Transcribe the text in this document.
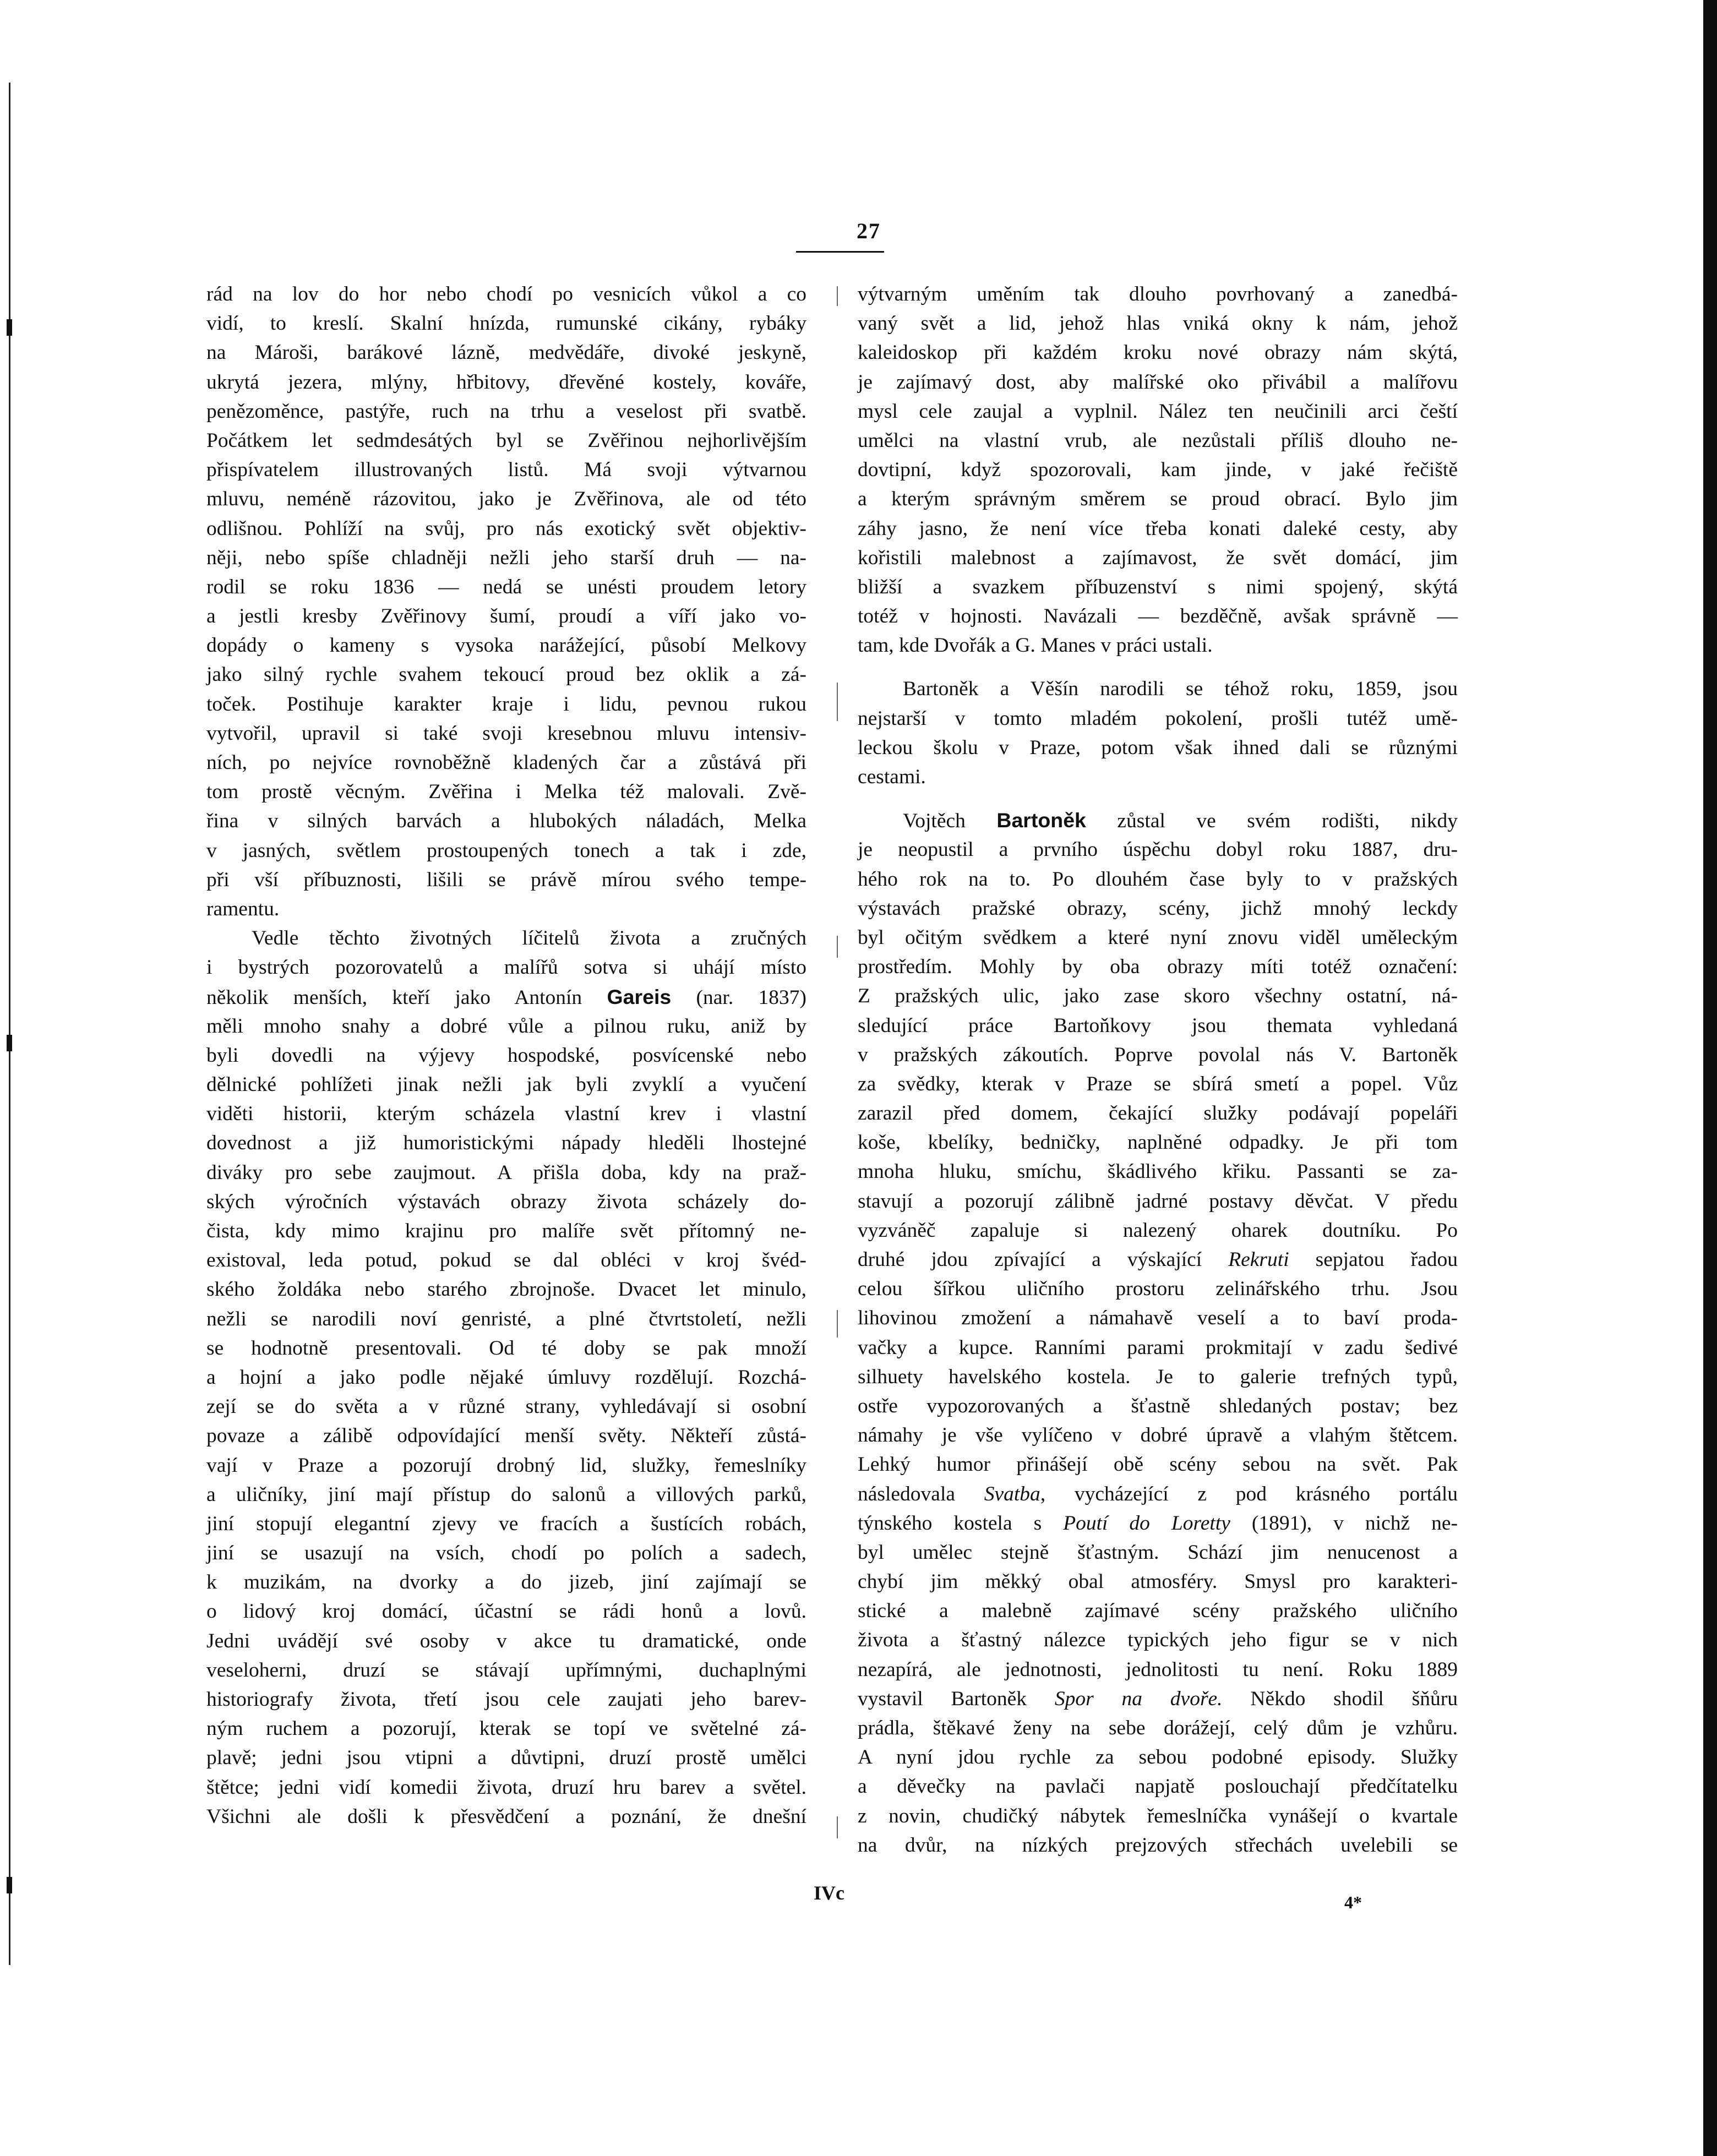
27
rád na lov do hor nebo chodí po vesnicích vůkol a co
vidí, to kreslí. Skalní hnízda, rumunské cikány, rybáky
na Mároši, barákové lázně, medvědáře, divoké jeskyně,
ukrytá jezera, mlýny, hřbitovy, dřevěné kostely, kováře,
penězoměnce, pastýře, ruch na trhu a veselost při svatbě.
Počátkem let sedmdesátých byl se Zvěřinou nejhorlivějším
přispívatelem illustrovaných listů. Má svoji výtvarnou
mluvu, neméně rázovitou, jako je Zvěřinova, ale od této
odlišnou. Pohlíží na svůj, pro nás exotický svět objektiv-
něji, nebo spíše chladněji nežli jeho starší druh — na-
rodil se roku 1836 — nedá se unésti proudem letory
a jestli kresby Zvěřinovy šumí, proudí a víří jako vo-
dopády o kameny s vysoka narážející, působí Melkovy
jako silný rychle svahem tekoucí proud bez oklik a zá-
toček. Postihuje karakter kraje i lidu, pevnou rukou
vytvořil, upravil si také svoji kresebnou mluvu intensiv-
ních, po nejvíce rovnoběžně kladených čar a zůstává při
tom prostě věcným. Zvěřina i Melka též malovali. Zvě-
řina v silných barvách a hlubokých náladách, Melka
v jasných, světlem prostoupených tonech a tak i zde,
při vší příbuznosti, lišili se právě mírou svého tempe-
ramentu.
Vedle těchto životných líčitelů života a zručných
i bystrých pozorovatelů a malířů sotva si uhájí místo
několik menších, kteří jako Antonín Gareis (nar. 1837)
měli mnoho snahy a dobré vůle a pilnou ruku, aniž by
byli dovedli na výjevy hospodské, posvícenské nebo
dělnické pohlížeti jinak nežli jak byli zvyklí a vyučení
viděti historii, kterým scházela vlastní krev i vlastní
dovednost a již humoristickými nápady hleděli lhostejné
diváky pro sebe zaujmout. A přišla doba, kdy na praž-
ských výročních výstavách obrazy života scházely do-
čista, kdy mimo krajinu pro malíře svět přítomný ne-
existoval, leda potud, pokud se dal obléci v kroj švéd-
ského žoldáka nebo starého zbrojnoše. Dvacet let minulo,
nežli se narodili noví genristé, a plné čtvrtstoletí, nežli
se hodnotně presentovali. Od té doby se pak množí
a hojní a jako podle nějaké úmluvy rozdělují. Rozchá-
zejí se do světa a v různé strany, vyhledávají si osobní
povaze a zálibě odpovídající menší světy. Někteří zůstá-
vají v Praze a pozorují drobný lid, služky, řemeslníky
a uličníky, jiní mají přístup do salonů a villových parků,
jiní stopují elegantní zjevy ve fracích a šustících robách,
jiní se usazují na vsích, chodí po polích a sadech,
k muzikám, na dvorky a do jizeb, jiní zajímají se
o lidový kroj domácí, účastní se rádi honů a lovů.
Jedni uvádějí své osoby v akce tu dramatické, onde
veselohernі, druzí se stávají upřímnými, duchaplnými
historiografy života, třetí jsou cele zaujati jeho barev-
ným ruchem a pozorují, kterak se topí ve světelné zá-
plavě; jedni jsou vtipni a důvtipni, druzí prostě umělci
štětce; jedni vidí komedii života, druzí hru barev a světel.
Všichni ale došli k přesvědčení a poznání, že dnešní
výtvarným uměním tak dlouho povrhovaný a zanedbá-
vaný svět a lid, jehož hlas vniká okny k nám, jehož
kaleidoskop při každém kroku nové obrazy nám skýtá,
je zajímavý dost, aby malířské oko přivábil a malířovu
mysl cele zaujal a vyplnil. Nález ten neučinili arci čeští
umělci na vlastní vrub, ale nezůstali příliš dlouho ne-
dovtipní, když spozorovali, kam jinde, v jaké řečiště
a kterým správným směrem se proud obrací. Bylo jim
záhy jasno, že není více třeba konati daleké cesty, aby
kořistili malebnost a zajímavost, že svět domácí, jim
bližší a svazkem příbuzenství s nimi spojený, skýtá
totéž v hojnosti. Navázali — bezděčně, avšak správně —
tam, kde Dvořák a G. Manes v práci ustali.
Bartoněk a Věšín narodili se téhož roku, 1859, jsou
nejstarší v tomto mladém pokolení, prošli tutéž umě-
leckou školu v Praze, potom však ihned dali se různými
cestami.
Vojtěch Bartoněk zůstal ve svém rodišti, nikdy
je neopustil a prvního úspěchu dobyl roku 1887, dru-
hého rok na to. Po dlouhém čase byly to v pražských
výstavách pražské obrazy, scény, jichž mnohý leckdy
byl očitým svědkem a které nyní znovu viděl uměleckým
prostředím. Mohly by oba obrazy míti totéž označení:
Z pražských ulic, jako zase skoro všechny ostatní, ná-
sledující práce Bartoňkovy jsou themata vyhledaná
v pražských zákoutích. Poprve povolal nás V. Bartoněk
za svědky, kterak v Praze se sbírá smetí a popel. Vůz
zarazil před domem, čekající služky podávají popeláři
koše, kbelíky, bedničky, naplněné odpadky. Je při tom
mnoha hluku, smíchu, škádlivého křiku. Passanti se za-
stavují a pozorují zálibně jadrné postavy děvčat. V předu
vyzváněč zapaluje si nalezený oharek doutníku. Po
druhé jdou zpívající a výskající Rekruti sepjatou řadou
celou šířkou uličního prostoru zelinářského trhu. Jsou
lihovinou zmožení a námahavě veselí a to baví proda-
vačky a kupce. Ranními parami prokmitají v zadu šedivé
silhuety havelského kostela. Je to galerie trefných typů,
ostře vypozorovaných a šťastně shledaných postav; bez
námahy je vše vylíčeno v dobré úpravě a vlahým štětcem.
Lehký humor přinášejí obě scény sebou na svět. Pak
následovala Svatba, vycházející z pod krásného portálu
týnského kostela s Poutí do Loretty (1891), v nichž ne-
byl umělec stejně šťastným. Schází jim nenucenost a
chybí jim měkký obal atmosféry. Smysl pro karakteri-
stické a malebně zajímavé scény pražského uličního
života a šťastný nálezce typických jeho figur se v nich
nezapírá, ale jednotnosti, jednolitosti tu není. Roku 1889
vystavil Bartoněk Spor na dvoře. Někdo shodil šňůru
prádla, štěkavé ženy na sebe dorážejí, celý dům je vzhůru.
A nyní jdou rychle za sebou podobné episody. Služky
a děvečky na pavlači napjatě poslouchají předčítatelku
z novin, chudičký nábytek řemeslníčka vynášejí o kvartale
na dvůr, na nízkých prejzových střechách uvelebili se
IVc	4*
